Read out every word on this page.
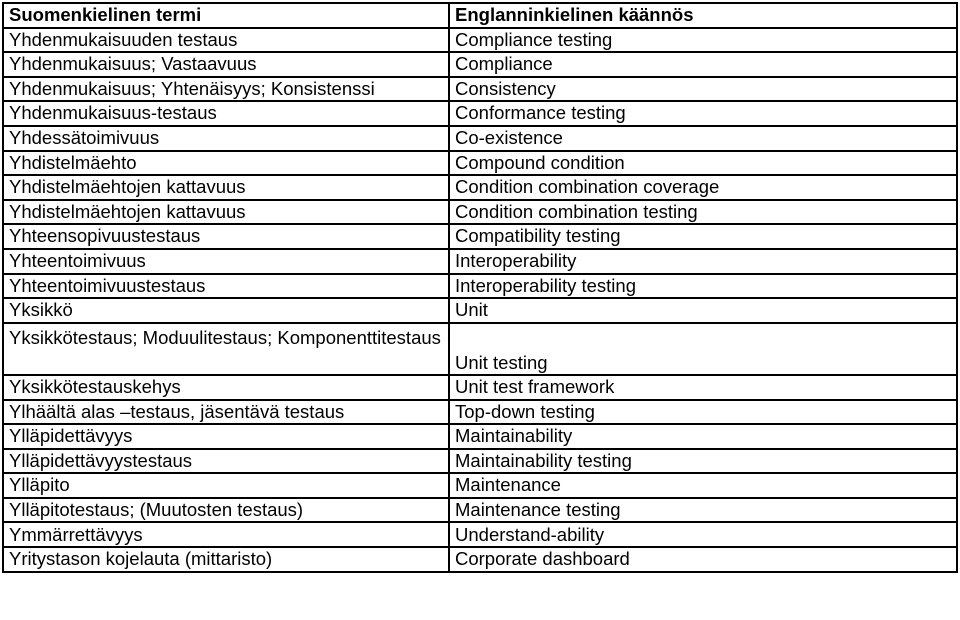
Suomenkielinen termi	Englanninkielinen käännös
Yhdenmukaisuuden testaus	Compliance testing
Yhdenmukaisuus; Vastaavuus	Compliance
Yhdenmukaisuus; Yhtenäisyys; Konsistenssi	Consistency
Yhdenmukaisuus-testaus	Conformance testing
Yhdessätoimivuus	Co-existence
Yhdistelmäehto	Compound condition
Yhdistelmäehtojen kattavuus	Condition combination coverage
Yhdistelmäehtojen kattavuus	Condition combination testing
Yhteensopivuustestaus	Compatibility testing
Yhteentoimivuus	Interoperability
Yhteentoimivuustestaus	Interoperability testing
Yksikkö	Unit
Yksikkötestaus; Moduulitestaus; Komponenttitestaus	Unit testing
Yksikkötestauskehys	Unit test framework
Ylhäältä alas –testaus, jäsentävä testaus	Top-down testing
Ylläpidettävyys	Maintainability
Ylläpidettävyystestaus	Maintainability testing
Ylläpito	Maintenance
Ylläpitotestaus; (Muutosten testaus)	Maintenance testing
Ymmärrettävyys	Understand-ability
Yritystason kojelauta (mittaristo)	Corporate dashboard
